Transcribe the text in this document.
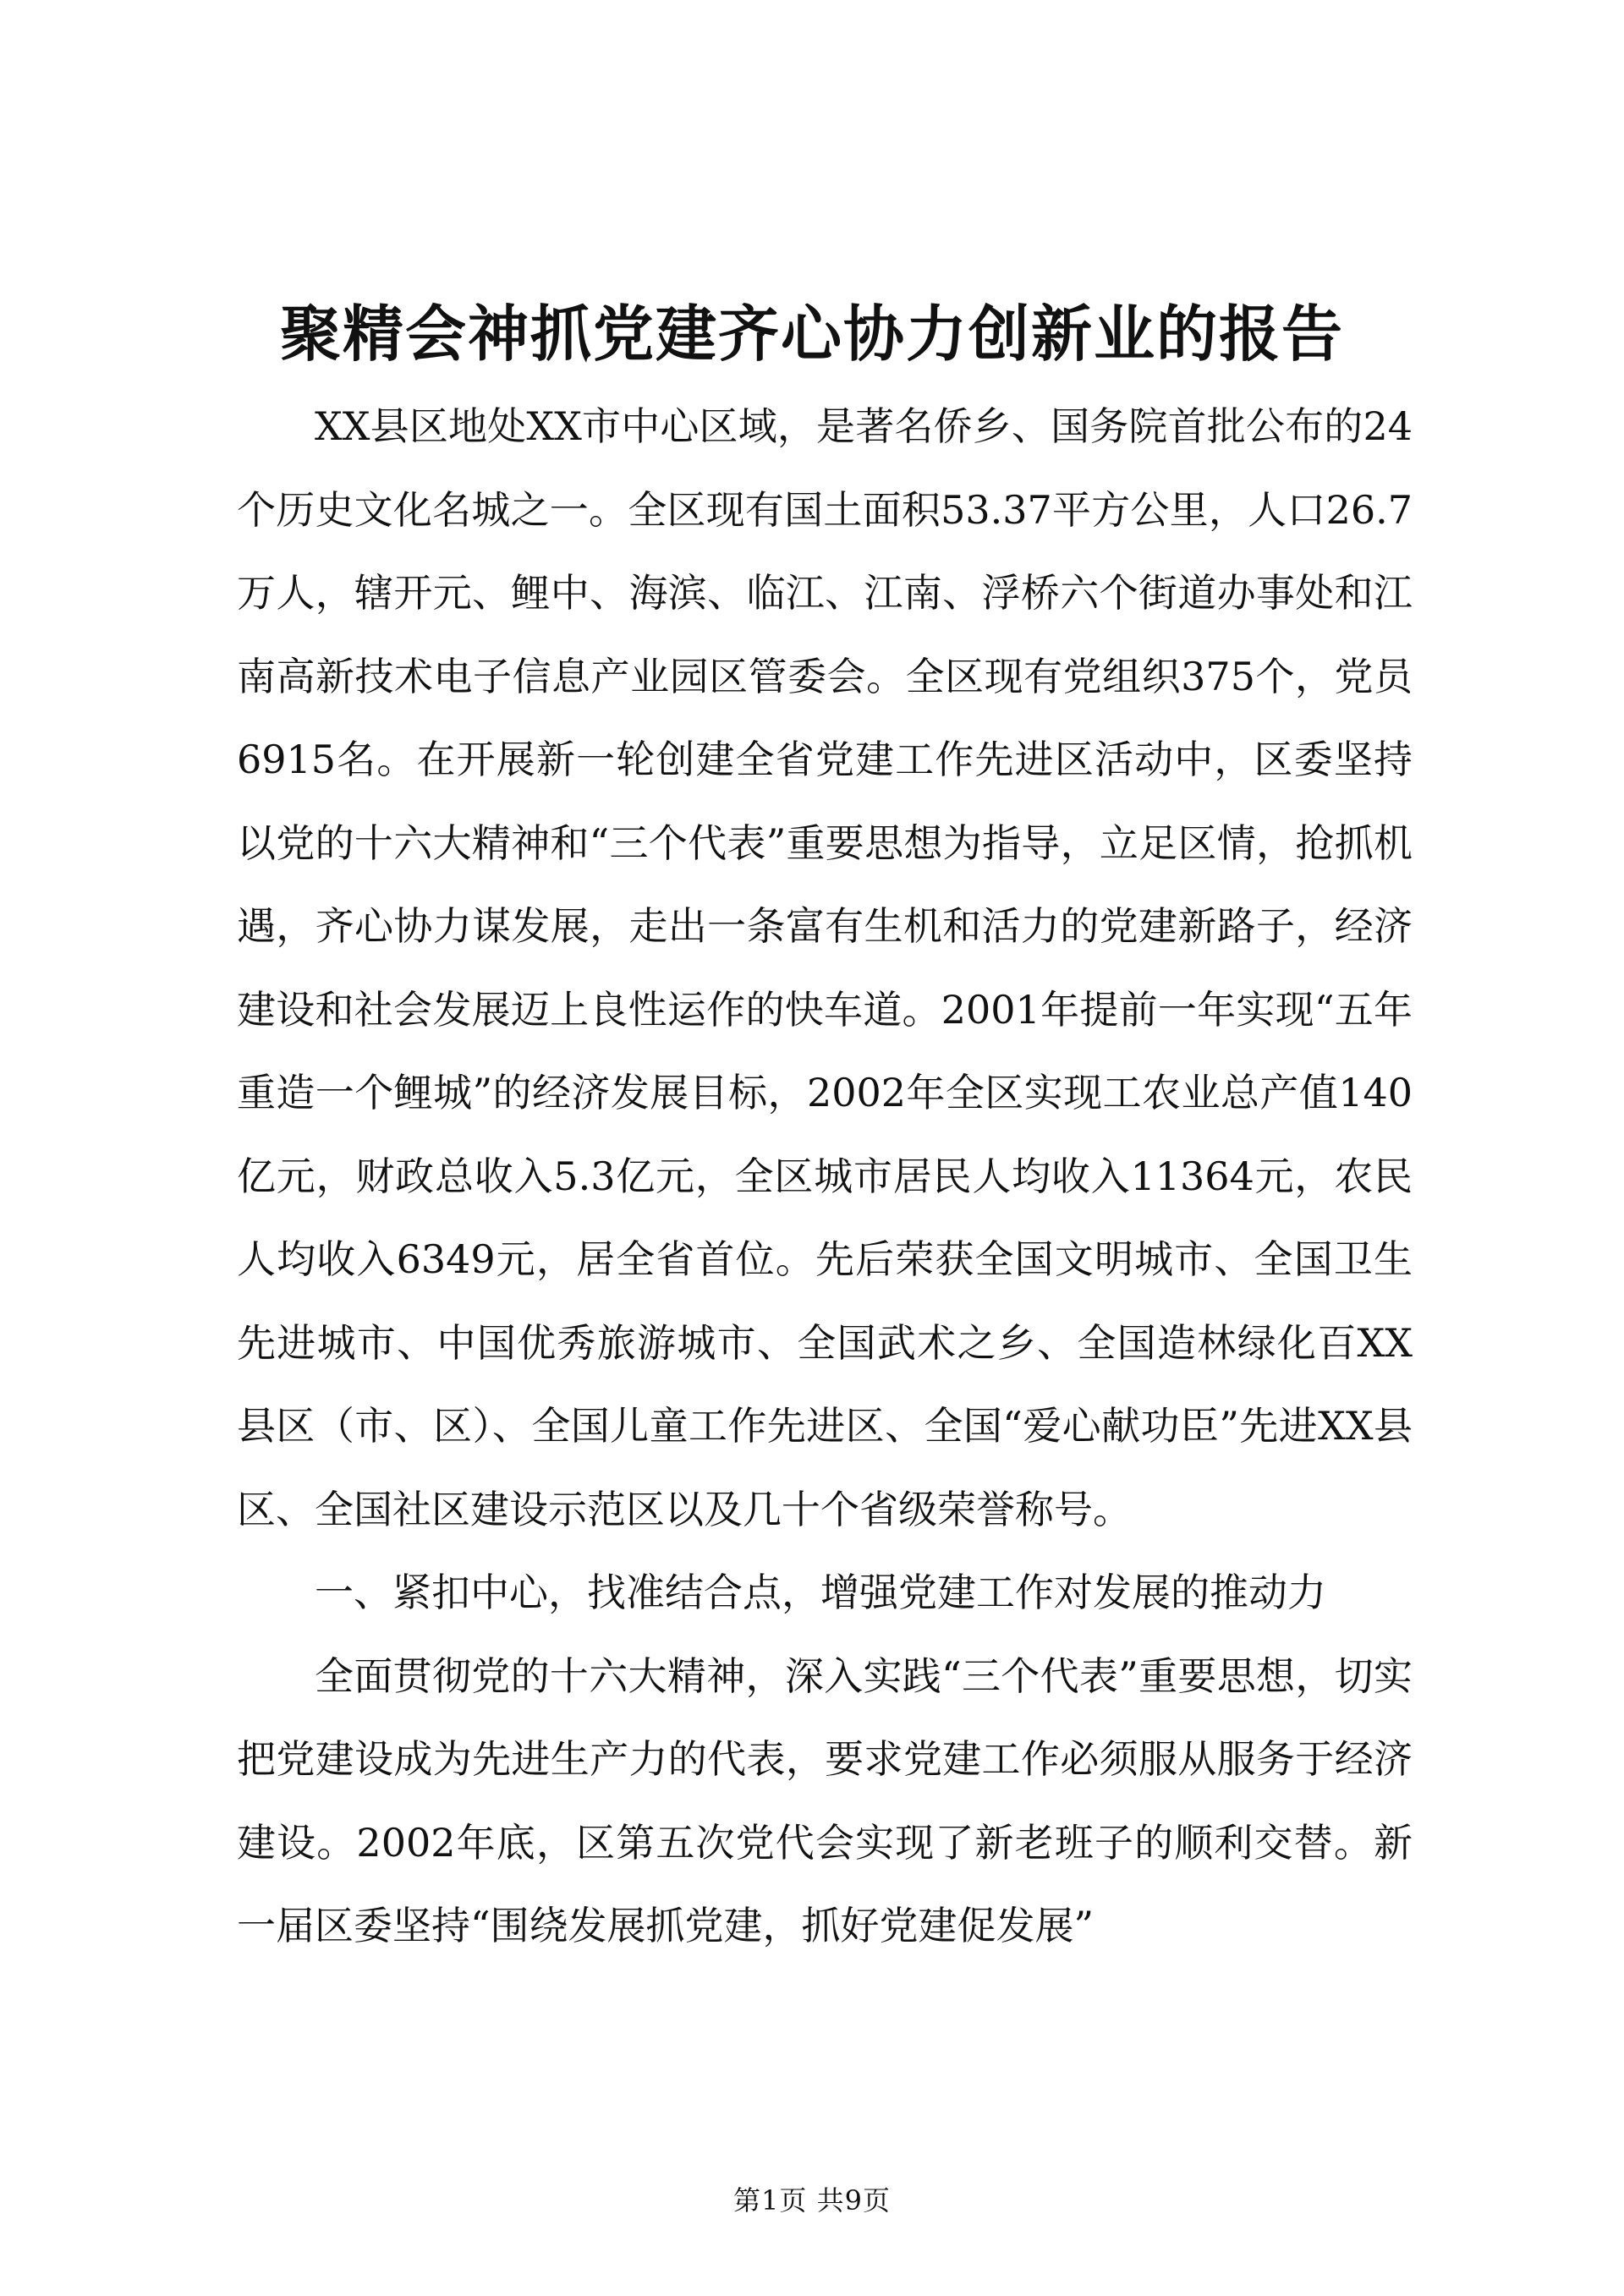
聚精会神抓党建齐心协力创新业的报告

XX县区地处XX市中心区域，是著名侨乡、国务院首批公布的24个历史文化名城之一。全区现有国土面积53.37平方公里，人口26.7万人，辖开元、鲤中、海滨、临江、江南、浮桥六个街道办事处和江南高新技术电子信息产业园区管委会。全区现有党组织375个，党员6915名。在开展新一轮创建全省党建工作先进区活动中，区委坚持以党的十六大精神和“三个代表”重要思想为指导，立足区情，抢抓机遇，齐心协力谋发展，走出一条富有生机和活力的党建新路子，经济建设和社会发展迈上良性运作的快车道。2001年提前一年实现“五年重造一个鲤城”的经济发展目标，2002年全区实现工农业总产值140亿元，财政总收入5.3亿元，全区城市居民人均收入11364元，农民人均收入6349元，居全省首位。先后荣获全国文明城市、全国卫生先进城市、中国优秀旅游城市、全国武术之乡、全国造林绿化百XX县区（市、区）、全国儿童工作先进区、全国“爱心献功臣”先进XX县区、全国社区建设示范区以及几十个省级荣誉称号。

一、紧扣中心，找准结合点，增强党建工作对发展的推动力

全面贯彻党的十六大精神，深入实践“三个代表”重要思想，切实把党建设成为先进生产力的代表，要求党建工作必须服从服务于经济建设。2002年底，区第五次党代会实现了新老班子的顺利交替。新一届区委坚持“围绕发展抓党建，抓好党建促发展”

第1页 共9页
